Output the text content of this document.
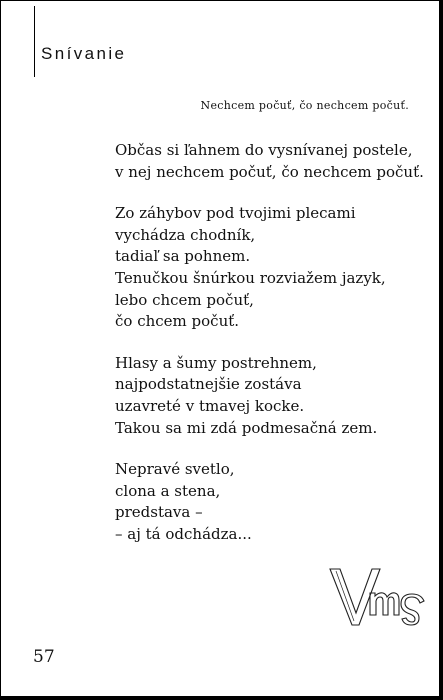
Snívanie
Nechcem počuť, čo nechcem počuť.
Občas si ľahnem do vysnívanej postele,
v nej nechcem počuť, čo nechcem počuť.
Zo záhybov pod tvojimi plecami
vychádza chodník,
tadiaľ sa pohnem.
Tenučkou šnúrkou rozviažem jazyk,
lebo chcem počuť,
čo chcem počuť.
Hlasy a šumy postrehnem,
najpodstatnejšie zostáva
uzavreté v tmavej kocke.
Takou sa mi zdá podmesačná zem.
Nepravé svetlo,
clona a stena,
predstava –
– aj tá odchádza...
57
